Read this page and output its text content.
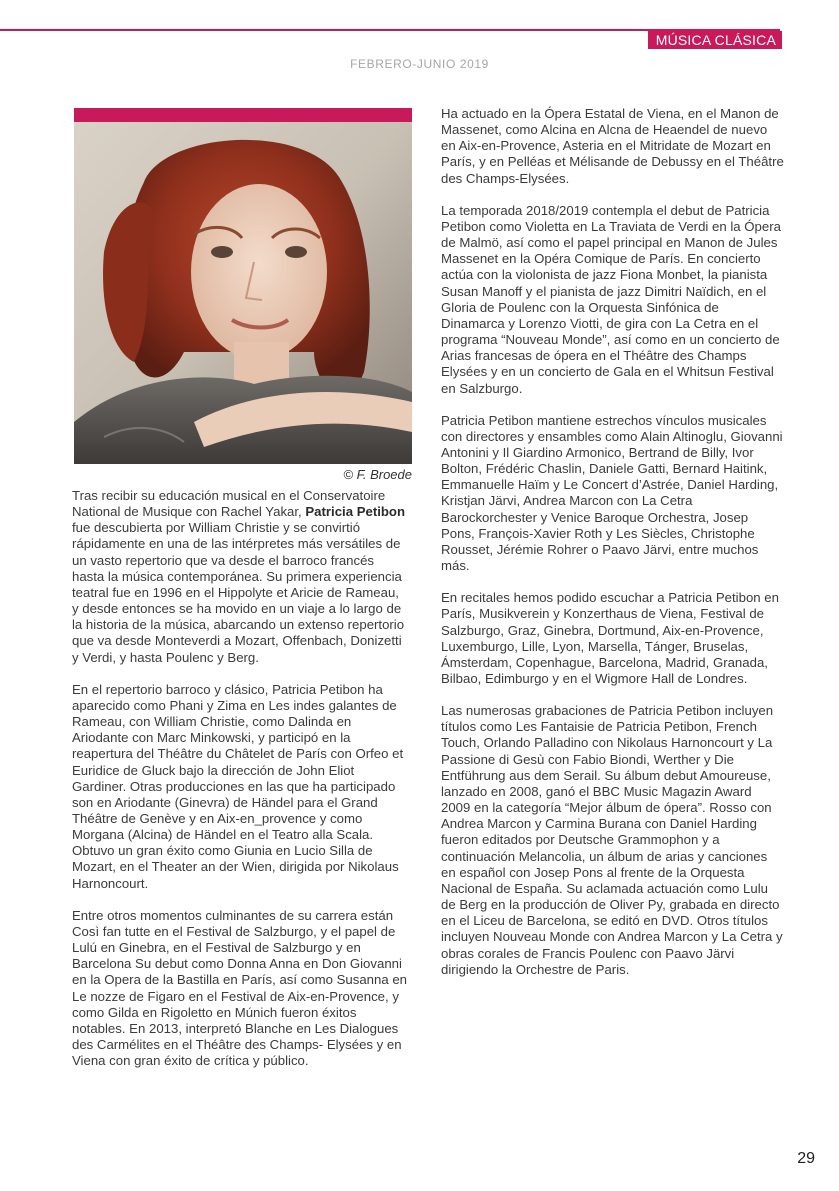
MÚSICA CLÁSICA
FEBRERO-JUNIO 2019
© F. Broede

Tras recibir su educación musical en el Conservatoire National de Musique con Rachel Yakar, Patricia Petibon fue descubierta por William Christie y se convirtió rápidamente en una de las intérpretes más versátiles de un vasto repertorio que va desde el barroco francés hasta la música contemporánea. Su primera experiencia teatral fue en 1996 en el Hippolyte et Aricie de Rameau, y desde entonces se ha movido en un viaje a lo largo de la historia de la música, abarcando un extenso repertorio que va desde Monteverdi a Mozart, Offenbach, Donizetti y Verdi, y hasta Poulenc y Berg.

En el repertorio barroco y clásico, Patricia Petibon ha aparecido como Phani y Zima en Les indes galantes de Rameau, con William Christie, como Dalinda en Ariodante con Marc Minkowski, y participó en la reapertura del Théâtre du Châtelet de París con Orfeo et Euridice de Gluck bajo la dirección de John Eliot Gardiner. Otras producciones en las que ha participado son en Ariodante (Ginevra) de Händel para el Grand Théâtre de Genève y en Aix-en_provence y como Morgana (Alcina) de Händel en el Teatro alla Scala. Obtuvo un gran éxito como Giunia en Lucio Silla de Mozart, en el Theater an der Wien, dirigida por Nikolaus Harnoncourt.

Entre otros momentos culminantes de su carrera están Così fan tutte en el Festival de Salzburgo, y el papel de Lulú en Ginebra, en el Festival de Salzburgo y en Barcelona Su debut como Donna Anna en Don Giovanni en la Opera de la Bastilla en París, así como Susanna en Le nozze de Figaro en el Festival de Aix-en-Provence, y como Gilda en Rigoletto en Múnich fueron éxitos notables. En 2013, interpretó Blanche en Les Dialogues des Carmélites en el Théâtre des Champs- Elysées y en Viena con gran éxito de crítica y público.

Ha actuado en la Ópera Estatal de Viena, en el Manon de Massenet, como Alcina en Alcna de Heaendel de nuevo en Aix-en-Provence, Asteria en el Mitridate de Mozart en París, y en Pelléas et Mélisande de Debussy en el Théâtre des Champs-Elysées.

La temporada 2018/2019 contempla el debut de Patricia Petibon como Violetta en La Traviata de Verdi en la Ópera de Malmö, así como el papel principal en Manon de Jules Massenet en la Opéra Comique de París. En concierto actúa con la violonista de jazz Fiona Monbet, la pianista Susan Manoff y el pianista de jazz Dimitri Naïdich, en el Gloria de Poulenc con la Orquesta Sinfónica de Dinamarca y Lorenzo Viotti, de gira con La Cetra en el programa “Nouveau Monde”, así como en un concierto de Arias francesas de ópera en el Théâtre des Champs Elysées y en un concierto de Gala en el Whitsun Festival en Salzburgo.

Patricia Petibon mantiene estrechos vínculos musicales con directores y ensambles como Alain Altinoglu, Giovanni Antonini y Il Giardino Armonico, Bertrand de Billy, Ivor Bolton, Frédéric Chaslin, Daniele Gatti, Bernard Haitink, Emmanuelle Haïm y Le Concert d’Astrée, Daniel Harding, Kristjan Järvi, Andrea Marcon con La Cetra Barockorchester y Venice Baroque Orchestra, Josep Pons, François-Xavier Roth y Les Siècles, Christophe Rousset, Jérémie Rohrer o Paavo Järvi, entre muchos más.

En recitales hemos podido escuchar a Patricia Petibon en París, Musikverein y Konzerthaus de Viena, Festival de Salzburgo, Graz, Ginebra, Dortmund, Aix-en-Provence, Luxemburgo, Lille, Lyon, Marsella, Tánger, Bruselas, Ámsterdam, Copenhague, Barcelona, Madrid, Granada, Bilbao, Edimburgo y en el Wigmore Hall de Londres.

Las numerosas grabaciones de Patricia Petibon incluyen títulos como Les Fantaisie de Patricia Petibon, French Touch, Orlando Palladino con Nikolaus Harnoncourt y La Passione di Gesù con Fabio Biondi, Werther y Die Entführung aus dem Serail. Su álbum debut Amoureuse, lanzado en 2008, ganó el BBC Music Magazin Award 2009 en la categoría “Mejor álbum de ópera”. Rosso con Andrea Marcon y Carmina Burana con Daniel Harding fueron editados por Deutsche Grammophon y a continuación Melancolia, un álbum de arias y canciones en español con Josep Pons al frente de la Orquesta Nacional de España. Su aclamada actuación como Lulu de Berg en la producción de Oliver Py, grabada en directo en el Liceu de Barcelona, se editó en DVD. Otros títulos incluyen Nouveau Monde con Andrea Marcon y La Cetra y obras corales de Francis Poulenc con Paavo Järvi dirigiendo la Orchestre de Paris.

29
